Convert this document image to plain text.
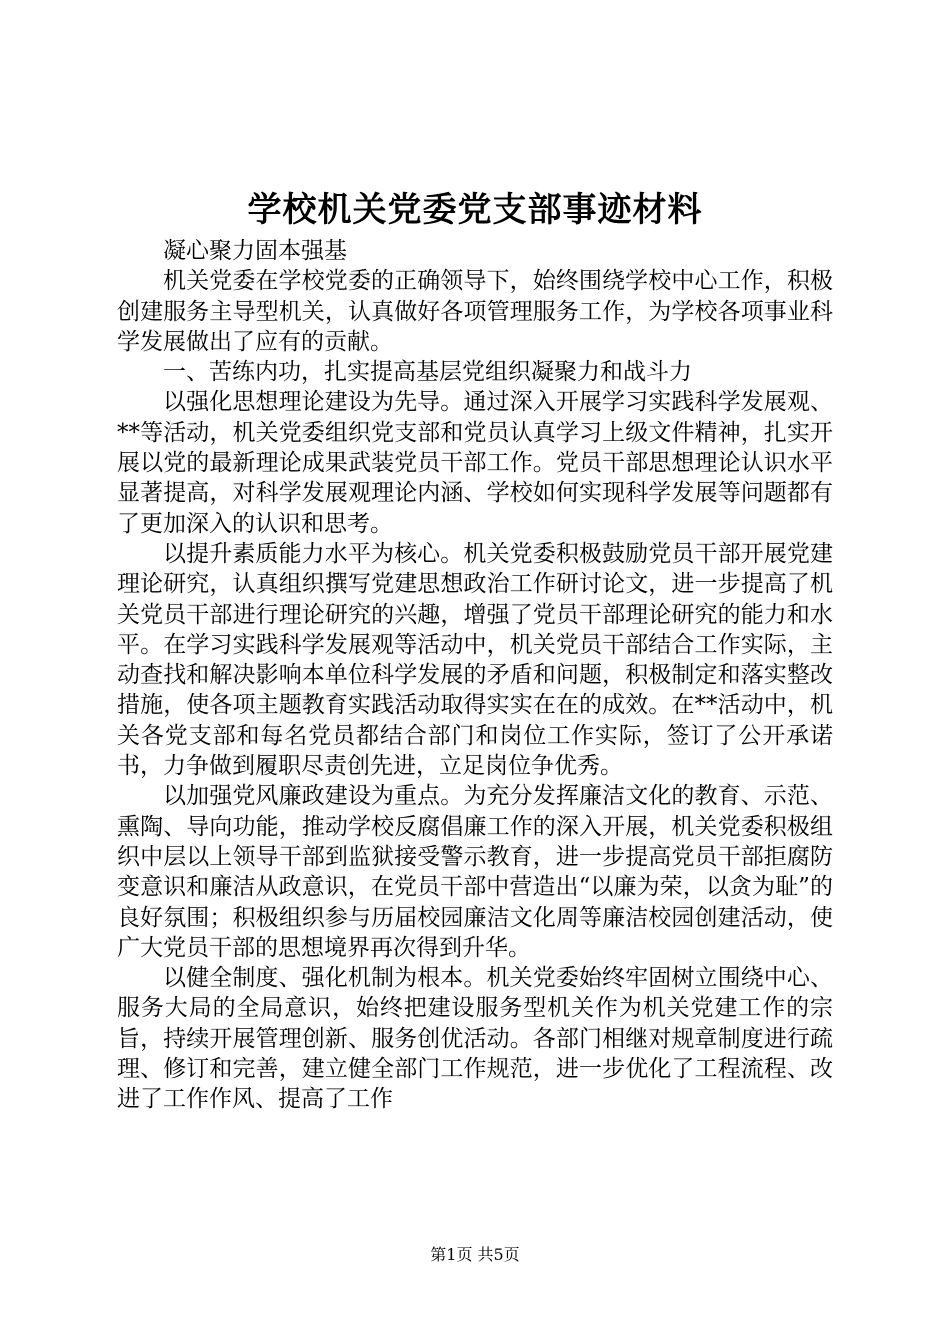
学校机关党委党支部事迹材料

凝心聚力固本强基

机关党委在学校党委的正确领导下，始终围绕学校中心工作，积极创建服务主导型机关，认真做好各项管理服务工作，为学校各项事业科学发展做出了应有的贡献。

一、苦练内功，扎实提高基层党组织凝聚力和战斗力

以强化思想理论建设为先导。通过深入开展学习实践科学发展观、**等活动，机关党委组织党支部和党员认真学习上级文件精神，扎实开展以党的最新理论成果武装党员干部工作。党员干部思想理论认识水平显著提高，对科学发展观理论内涵、学校如何实现科学发展等问题都有了更加深入的认识和思考。

以提升素质能力水平为核心。机关党委积极鼓励党员干部开展党建理论研究，认真组织撰写党建思想政治工作研讨论文，进一步提高了机关党员干部进行理论研究的兴趣，增强了党员干部理论研究的能力和水平。在学习实践科学发展观等活动中，机关党员干部结合工作实际，主动查找和解决影响本单位科学发展的矛盾和问题，积极制定和落实整改措施，使各项主题教育实践活动取得实实在在的成效。在**活动中，机关各党支部和每名党员都结合部门和岗位工作实际，签订了公开承诺书，力争做到履职尽责创先进，立足岗位争优秀。

以加强党风廉政建设为重点。为充分发挥廉洁文化的教育、示范、熏陶、导向功能，推动学校反腐倡廉工作的深入开展，机关党委积极组织中层以上领导干部到监狱接受警示教育，进一步提高党员干部拒腐防变意识和廉洁从政意识，在党员干部中营造出“以廉为荣，以贪为耻”的良好氛围；积极组织参与历届校园廉洁文化周等廉洁校园创建活动，使广大党员干部的思想境界再次得到升华。

以健全制度、强化机制为根本。机关党委始终牢固树立围绕中心、服务大局的全局意识，始终把建设服务型机关作为机关党建工作的宗旨，持续开展管理创新、服务创优活动。各部门相继对规章制度进行疏理、修订和完善，建立健全部门工作规范，进一步优化了工程流程、改进了工作作风、提高了工作

第1页 共5页
